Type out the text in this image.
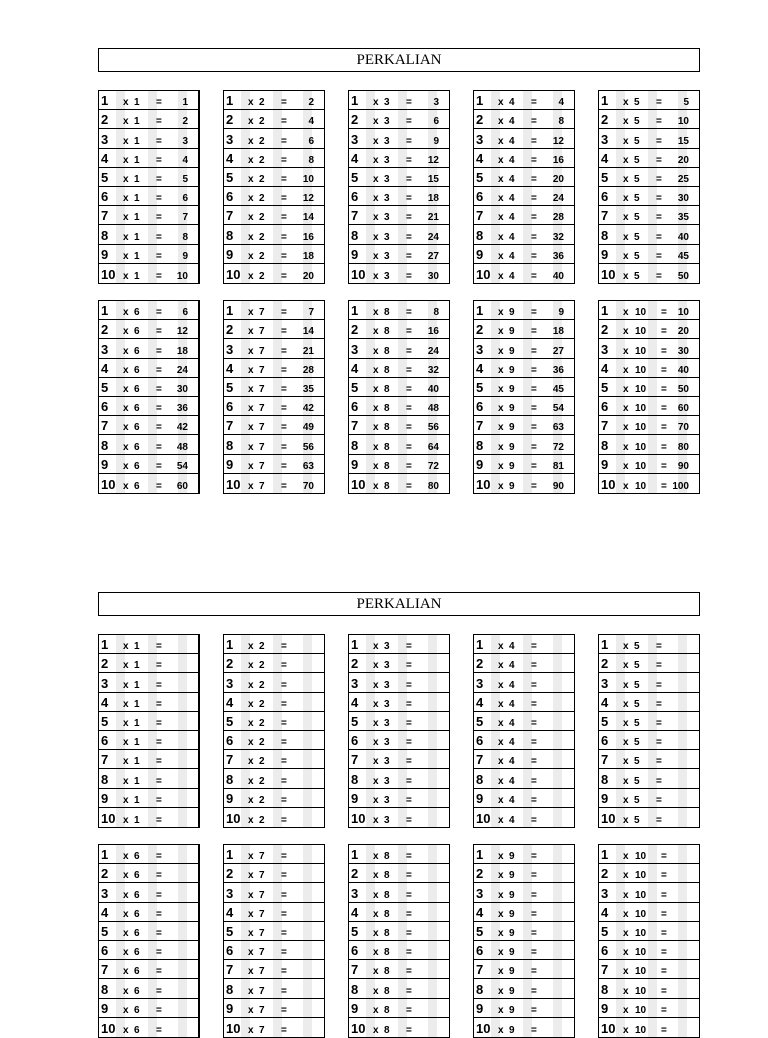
PERKALIAN
1 x 1 = 1
2 x 1 = 2
3 x 1 = 3
4 x 1 = 4
5 x 1 = 5
6 x 1 = 6
7 x 1 = 7
8 x 1 = 8
9 x 1 = 9
10 x 1 = 10
1 x 2 = 2
2 x 2 = 4
3 x 2 = 6
4 x 2 = 8
5 x 2 = 10
6 x 2 = 12
7 x 2 = 14
8 x 2 = 16
9 x 2 = 18
10 x 2 = 20
1 x 3 = 3
2 x 3 = 6
3 x 3 = 9
4 x 3 = 12
5 x 3 = 15
6 x 3 = 18
7 x 3 = 21
8 x 3 = 24
9 x 3 = 27
10 x 3 = 30
1 x 4 = 4
2 x 4 = 8
3 x 4 = 12
4 x 4 = 16
5 x 4 = 20
6 x 4 = 24
7 x 4 = 28
8 x 4 = 32
9 x 4 = 36
10 x 4 = 40
1 x 5 = 5
2 x 5 = 10
3 x 5 = 15
4 x 5 = 20
5 x 5 = 25
6 x 5 = 30
7 x 5 = 35
8 x 5 = 40
9 x 5 = 45
10 x 5 = 50
1 x 6 = 6
2 x 6 = 12
3 x 6 = 18
4 x 6 = 24
5 x 6 = 30
6 x 6 = 36
7 x 6 = 42
8 x 6 = 48
9 x 6 = 54
10 x 6 = 60
1 x 7 = 7
2 x 7 = 14
3 x 7 = 21
4 x 7 = 28
5 x 7 = 35
6 x 7 = 42
7 x 7 = 49
8 x 7 = 56
9 x 7 = 63
10 x 7 = 70
1 x 8 = 8
2 x 8 = 16
3 x 8 = 24
4 x 8 = 32
5 x 8 = 40
6 x 8 = 48
7 x 8 = 56
8 x 8 = 64
9 x 8 = 72
10 x 8 = 80
1 x 9 = 9
2 x 9 = 18
3 x 9 = 27
4 x 9 = 36
5 x 9 = 45
6 x 9 = 54
7 x 9 = 63
8 x 9 = 72
9 x 9 = 81
10 x 9 = 90
1 x 10 = 10
2 x 10 = 20
3 x 10 = 30
4 x 10 = 40
5 x 10 = 50
6 x 10 = 60
7 x 10 = 70
8 x 10 = 80
9 x 10 = 90
10 x 10 = 100
PERKALIAN
1 x 1 =
2 x 1 =
3 x 1 =
4 x 1 =
5 x 1 =
6 x 1 =
7 x 1 =
8 x 1 =
9 x 1 =
10 x 1 =
1 x 2 =
2 x 2 =
3 x 2 =
4 x 2 =
5 x 2 =
6 x 2 =
7 x 2 =
8 x 2 =
9 x 2 =
10 x 2 =
1 x 3 =
2 x 3 =
3 x 3 =
4 x 3 =
5 x 3 =
6 x 3 =
7 x 3 =
8 x 3 =
9 x 3 =
10 x 3 =
1 x 4 =
2 x 4 =
3 x 4 =
4 x 4 =
5 x 4 =
6 x 4 =
7 x 4 =
8 x 4 =
9 x 4 =
10 x 4 =
1 x 5 =
2 x 5 =
3 x 5 =
4 x 5 =
5 x 5 =
6 x 5 =
7 x 5 =
8 x 5 =
9 x 5 =
10 x 5 =
1 x 6 =
2 x 6 =
3 x 6 =
4 x 6 =
5 x 6 =
6 x 6 =
7 x 6 =
8 x 6 =
9 x 6 =
10 x 6 =
1 x 7 =
2 x 7 =
3 x 7 =
4 x 7 =
5 x 7 =
6 x 7 =
7 x 7 =
8 x 7 =
9 x 7 =
10 x 7 =
1 x 8 =
2 x 8 =
3 x 8 =
4 x 8 =
5 x 8 =
6 x 8 =
7 x 8 =
8 x 8 =
9 x 8 =
10 x 8 =
1 x 9 =
2 x 9 =
3 x 9 =
4 x 9 =
5 x 9 =
6 x 9 =
7 x 9 =
8 x 9 =
9 x 9 =
10 x 9 =
1 x 10 =
2 x 10 =
3 x 10 =
4 x 10 =
5 x 10 =
6 x 10 =
7 x 10 =
8 x 10 =
9 x 10 =
10 x 10 =
